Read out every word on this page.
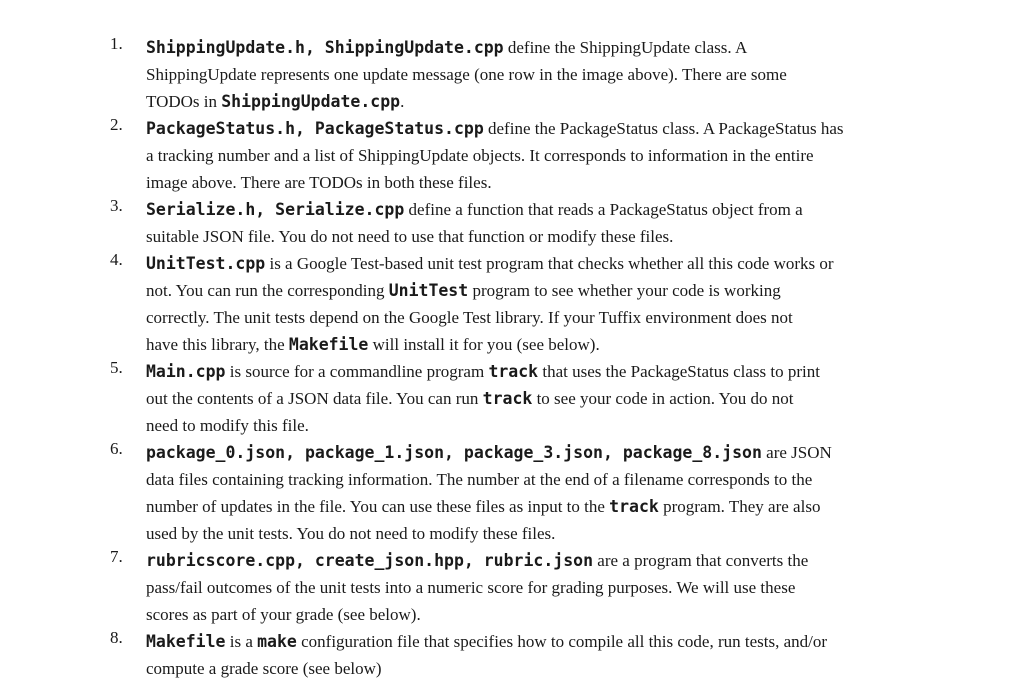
1.	ShippingUpdate.h, ShippingUpdate.cpp define the ShippingUpdate class. A
ShippingUpdate represents one update message (one row in the image above). There are some
TODOs in ShippingUpdate.cpp.
2.	PackageStatus.h, PackageStatus.cpp define the PackageStatus class. A PackageStatus has
a tracking number and a list of ShippingUpdate objects. It corresponds to information in the entire
image above. There are TODOs in both these files.
3.	Serialize.h, Serialize.cpp define a function that reads a PackageStatus object from a
suitable JSON file. You do not need to use that function or modify these files.
4.	UnitTest.cpp is a Google Test-based unit test program that checks whether all this code works or
not. You can run the corresponding UnitTest program to see whether your code is working
correctly. The unit tests depend on the Google Test library. If your Tuffix environment does not
have this library, the Makefile will install it for you (see below).
5.	Main.cpp is source for a commandline program track that uses the PackageStatus class to print
out the contents of a JSON data file. You can run track to see your code in action. You do not
need to modify this file.
6.	package_0.json, package_1.json, package_3.json, package_8.json are JSON
data files containing tracking information. The number at the end of a filename corresponds to the
number of updates in the file. You can use these files as input to the track program. They are also
used by the unit tests. You do not need to modify these files.
7.	rubricscore.cpp, create_json.hpp, rubric.json are a program that converts the
pass/fail outcomes of the unit tests into a numeric score for grading purposes. We will use these
scores as part of your grade (see below).
8.	Makefile is a make configuration file that specifies how to compile all this code, run tests, and/or
compute a grade score (see below)
